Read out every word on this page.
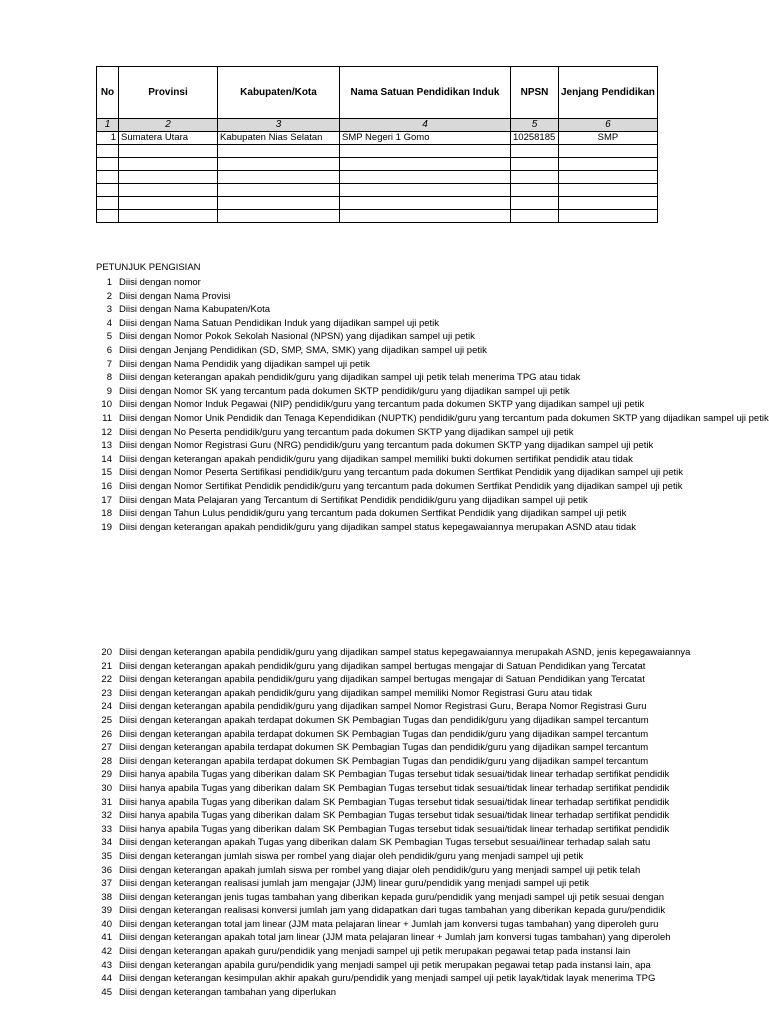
No	Provinsi	Kabupaten/Kota	Nama Satuan Pendidikan Induk	NPSN	Jenjang Pendidikan
1	2	3	4	5	6
1	Sumatera Utara	Kabupaten Nias Selatan	SMP Negeri 1 Gomo	10258185	SMP

PETUNJUK PENGISIAN
1 Diisi dengan nomor
2 Diisi dengan Nama Provisi
3 Diisi dengan Nama Kabupaten/Kota
4 Diisi dengan Nama Satuan Pendidikan Induk yang dijadikan sampel uji petik
5 Diisi dengan Nomor Pokok Sekolah Nasional (NPSN) yang dijadikan sampel uji petik
6 Diisi dengan Jenjang Pendidikan (SD, SMP, SMA, SMK) yang dijadikan sampel uji petik
7 Diisi dengan Nama Pendidik yang dijadikan sampel uji petik
8 Diisi dengan keterangan apakah pendidik/guru yang dijadikan sampel uji petik telah menerima TPG atau tidak
9 Diisi dengan Nomor SK yang tercantum pada dokumen SKTP pendidik/guru yang dijadikan sampel uji petik
10 Diisi dengan Nomor Induk Pegawai (NIP) pendidik/guru yang tercantum pada dokumen SKTP yang dijadikan sampel uji petik
11 Diisi dengan Nomor Unik Pendidik dan Tenaga Kependidikan (NUPTK) pendidik/guru yang tercantum pada dokumen SKTP yang dijadikan sampel uji petik
12 Diisi dengan No Peserta pendidik/guru yang tercantum pada dokumen SKTP yang dijadikan sampel uji petik
13 Diisi dengan Nomor Registrasi Guru (NRG) pendidik/guru yang tercantum pada dokumen SKTP yang dijadikan sampel uji petik
14 Diisi dengan keterangan apakah pendidik/guru yang dijadikan sampel memiliki bukti dokumen sertifikat pendidik atau tidak
15 Diisi dengan Nomor Peserta Sertifikasi pendidik/guru yang tercantum pada dokumen Sertfikat Pendidik yang dijadikan sampel uji petik
16 Diisi dengan Nomor Sertifikat Pendidik pendidik/guru yang tercantum pada dokumen Sertfikat Pendidik yang dijadikan sampel uji petik
17 Diisi dengan Mata Pelajaran yang Tercantum di Sertifikat Pendidik pendidik/guru yang dijadikan sampel uji petik
18 Diisi dengan Tahun Lulus pendidik/guru yang tercantum pada dokumen Sertfikat Pendidik yang dijadikan sampel uji petik
19 Diisi dengan keterangan apakah pendidik/guru yang dijadikan sampel status kepegawaiannya merupakan ASND atau tidak
20 Diisi dengan keterangan apabila pendidik/guru yang dijadikan sampel status kepegawaiannya merupakah ASND, jenis kepegawaiannya
21 Diisi dengan keterangan apakah pendidik/guru yang dijadikan sampel bertugas mengajar di Satuan Pendidikan yang Tercatat
22 Diisi dengan keterangan apabila pendidik/guru yang dijadikan sampel bertugas mengajar di Satuan Pendidikan yang Tercatat
23 Diisi dengan keterangan apakah pendidik/guru yang dijadikan sampel memiliki Nomor Registrasi Guru atau tidak
24 Diisi dengan keterangan apabila pendidik/guru yang dijadikan sampel Nomor Registrasi Guru, Berapa Nomor Registrasi Guru
25 Diisi dengan keterangan apakah terdapat dokumen SK Pembagian Tugas dan pendidik/guru yang dijadikan sampel tercantum
26 Diisi dengan keterangan apabila terdapat dokumen SK Pembagian Tugas dan pendidik/guru yang dijadikan sampel tercantum
27 Diisi dengan keterangan apabila terdapat dokumen SK Pembagian Tugas dan pendidik/guru yang dijadikan sampel tercantum
28 Diisi dengan keterangan apabila terdapat dokumen SK Pembagian Tugas dan pendidik/guru yang dijadikan sampel tercantum
29 Diisi hanya apabila Tugas yang diberikan dalam SK Pembagian Tugas tersebut tidak sesuai/tidak linear terhadap sertifikat pendidik
30 Diisi hanya apabila Tugas yang diberikan dalam SK Pembagian Tugas tersebut tidak sesuai/tidak linear terhadap sertifikat pendidik
31 Diisi hanya apabila Tugas yang diberikan dalam SK Pembagian Tugas tersebut tidak sesuai/tidak linear terhadap sertifikat pendidik
32 Diisi hanya apabila Tugas yang diberikan dalam SK Pembagian Tugas tersebut tidak sesuai/tidak linear terhadap sertifikat pendidik
33 Diisi hanya apabila Tugas yang diberikan dalam SK Pembagian Tugas tersebut tidak sesuai/tidak linear terhadap sertifikat pendidik
34 Diisi dengan keterangan apakah Tugas yang diberikan dalam SK Pembagian Tugas tersebut sesuai/linear terhadap salah satu
35 Diisi dengan keterangan jumlah siswa per rombel yang diajar oleh pendidik/guru yang menjadi sampel uji petik
36 Diisi dengan keterangan apakah jumlah siswa per rombel yang diajar oleh pendidik/guru yang menjadi sampel uji petik telah
37 Diisi dengan keterangan realisasi jumlah jam mengajar (JJM) linear guru/pendidik yang menjadi sampel uji petik
38 Diisi dengan keterangan jenis tugas tambahan yang diberikan kepada guru/pendidik yang menjadi sampel uji petik sesuai dengan
39 Diisi dengan keterangan realisasi konversi jumlah jam yang didapatkan dari tugas tambahan yang diberikan kepada guru/pendidik
40 Diisi dengan keterangan total jam linear (JJM mata pelajaran linear + Jumlah jam konversi tugas tambahan) yang diperoleh guru
41 Diisi dengan keterangan apakah total jam linear (JJM mata pelajaran linear + Jumlah jam konversi tugas tambahan) yang diperoleh
42 Diisi dengan keterangan apakah guru/pendidik yang menjadi sampel uji petik merupakan pegawai tetap pada instansi lain
43 Diisi dengan keterangan apabila guru/pendidik yang menjadi sampel uji petik merupakan pegawai tetap pada instansi lain, apa
44 Diisi dengan keterangan kesimpulan akhir apakah guru/pendidik yang menjadi sampel uji petik layak/tidak layak menerima TPG
45 Diisi dengan keterangan tambahan yang diperlukan
